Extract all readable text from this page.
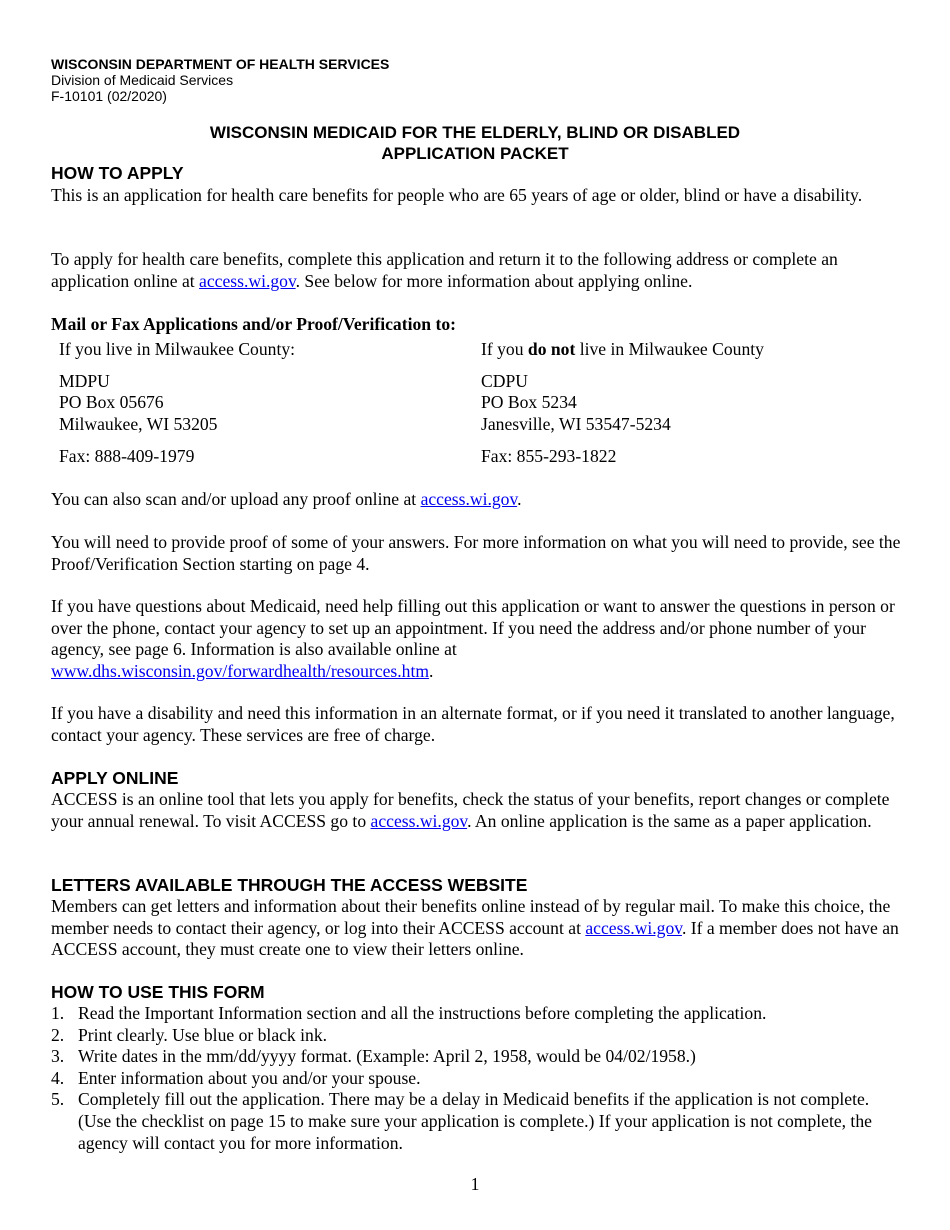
WISCONSIN DEPARTMENT OF HEALTH SERVICES
Division of Medicaid Services
F-10101 (02/2020)
WISCONSIN MEDICAID FOR THE ELDERLY, BLIND OR DISABLED
APPLICATION PACKET
HOW TO APPLY
This is an application for health care benefits for people who are 65 years of age or older, blind or have a disability.
To apply for health care benefits, complete this application and return it to the following address or complete an application online at access.wi.gov. See below for more information about applying online.
Mail or Fax Applications and/or Proof/Verification to:
If you live in Milwaukee County:
MDPU
PO Box 05676
Milwaukee, WI 53205
Fax: 888-409-1979
If you do not live in Milwaukee County
CDPU
PO Box 5234
Janesville, WI 53547-5234
Fax: 855-293-1822
You can also scan and/or upload any proof online at access.wi.gov.
You will need to provide proof of some of your answers. For more information on what you will need to provide, see the Proof/Verification Section starting on page 4.
If you have questions about Medicaid, need help filling out this application or want to answer the questions in person or over the phone, contact your agency to set up an appointment. If you need the address and/or phone number of your agency, see page 6. Information is also available online at
www.dhs.wisconsin.gov/forwardhealth/resources.htm.
If you have a disability and need this information in an alternate format, or if you need it translated to another language, contact your agency. These services are free of charge.
APPLY ONLINE
ACCESS is an online tool that lets you apply for benefits, check the status of your benefits, report changes or complete your annual renewal. To visit ACCESS go to access.wi.gov. An online application is the same as a paper application.
LETTERS AVAILABLE THROUGH THE ACCESS WEBSITE
Members can get letters and information about their benefits online instead of by regular mail. To make this choice, the member needs to contact their agency, or log into their ACCESS account at access.wi.gov. If a member does not have an ACCESS account, they must create one to view their letters online.
HOW TO USE THIS FORM
1. Read the Important Information section and all the instructions before completing the application.
2. Print clearly. Use blue or black ink.
3. Write dates in the mm/dd/yyyy format. (Example: April 2, 1958, would be 04/02/1958.)
4. Enter information about you and/or your spouse.
5. Completely fill out the application. There may be a delay in Medicaid benefits if the application is not complete. (Use the checklist on page 15 to make sure your application is complete.) If your application is not complete, the agency will contact you for more information.
1
